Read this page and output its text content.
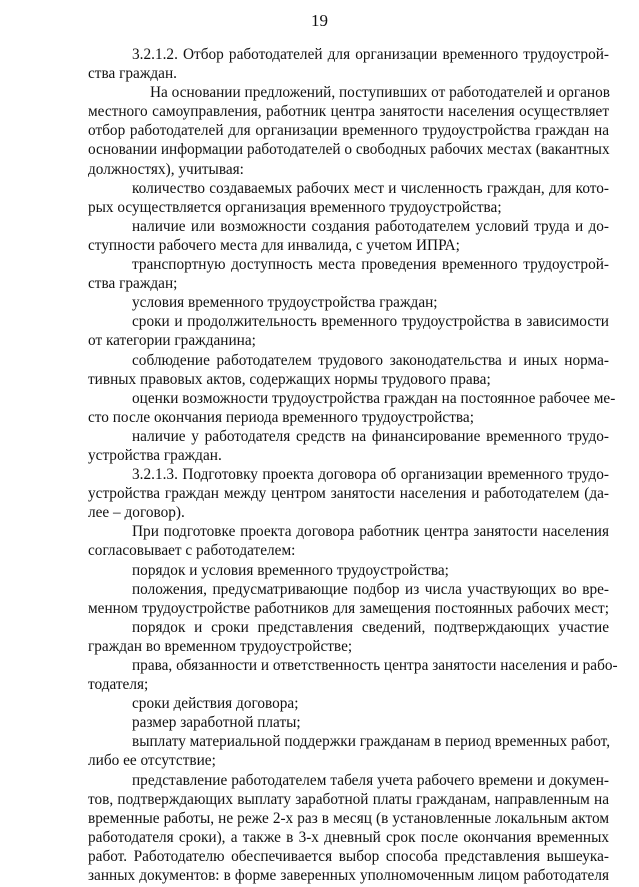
19
3.2.1.2. Отбор работодателей для организации временного трудоустрой-
ства граждан.
На основании предложений, поступивших от работодателей и органов
местного самоуправления, работник центра занятости населения осуществляет
отбор работодателей для организации временного трудоустройства граждан на
основании информации работодателей о свободных рабочих местах (вакантных
должностях), учитывая:
количество создаваемых рабочих мест и численность граждан, для кото-
рых осуществляется организация временного трудоустройства;
наличие или возможности создания работодателем условий труда и до-
ступности рабочего места для инвалида, с учетом ИПРА;
транспортную доступность места проведения временного трудоустрой-
ства граждан;
условия временного трудоустройства граждан;
сроки и продолжительность временного трудоустройства в зависимости
от категории гражданина;
соблюдение работодателем трудового законодательства и иных норма-
тивных правовых актов, содержащих нормы трудового права;
оценки возможности трудоустройства граждан на постоянное рабочее ме-
сто после окончания периода временного трудоустройства;
наличие у работодателя средств на финансирование временного трудо-
устройства граждан.
3.2.1.3. Подготовку проекта договора об организации временного трудо-
устройства граждан между центром занятости населения и работодателем (да-
лее – договор).
При подготовке проекта договора работник центра занятости населения
согласовывает с работодателем:
порядок и условия временного трудоустройства;
положения, предусматривающие подбор из числа участвующих во вре-
менном трудоустройстве работников для замещения постоянных рабочих мест;
порядок и сроки представления сведений, подтверждающих участие
граждан во временном трудоустройстве;
права, обязанности и ответственность центра занятости населения и рабо-
тодателя;
сроки действия договора;
размер заработной платы;
выплату материальной поддержки гражданам в период временных работ,
либо ее отсутствие;
представление работодателем табеля учета рабочего времени и докумен-
тов, подтверждающих выплату заработной платы гражданам, направленным на
временные работы, не реже 2-х раз в месяц (в установленные локальным актом
работодателя сроки), а также в 3-х дневный срок после окончания временных
работ. Работодателю обеспечивается выбор способа представления вышеука-
занных документов: в форме заверенных уполномоченным лицом работодателя
